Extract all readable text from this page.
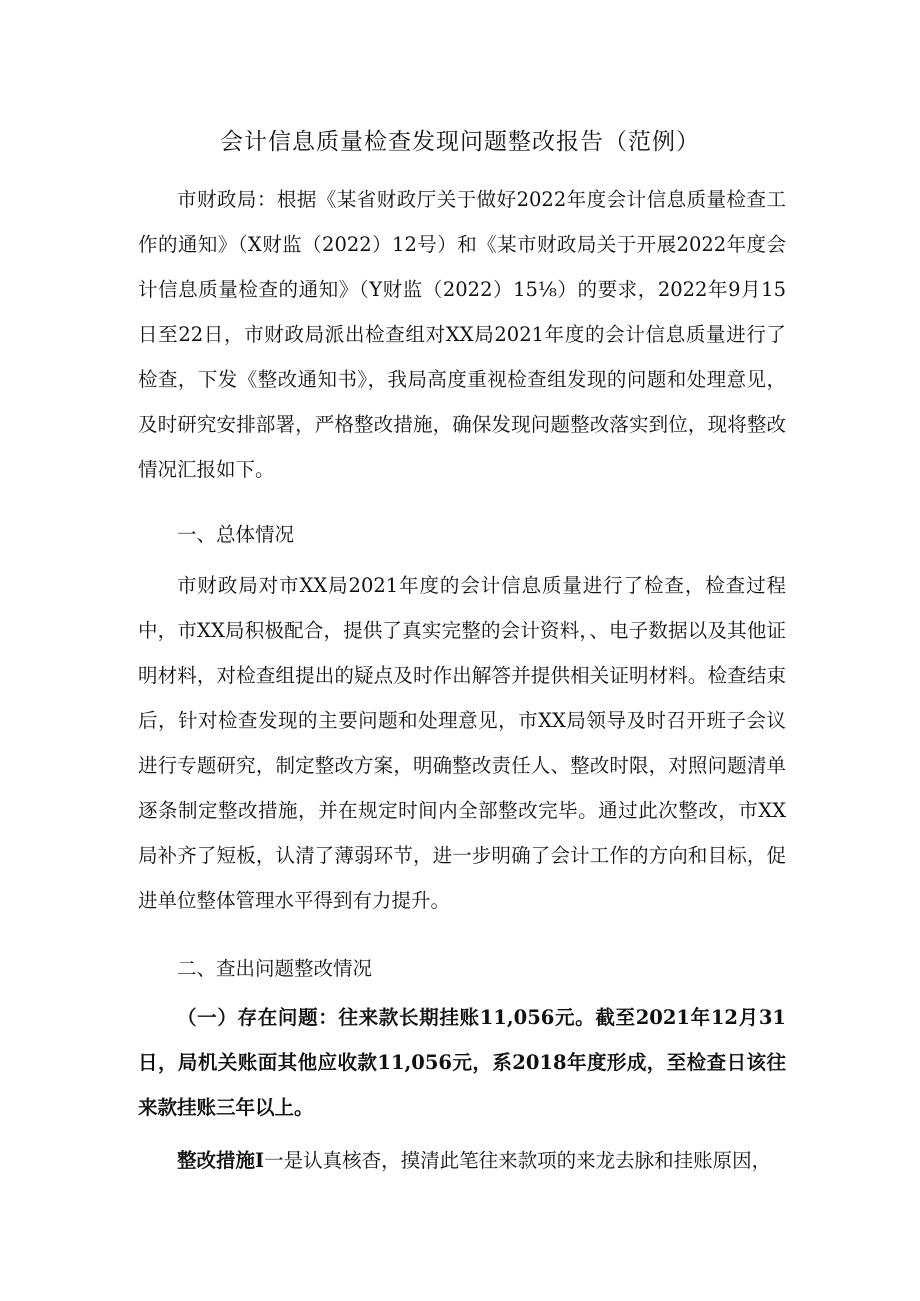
会计信息质量检查发现问题整改报告（范例）

市财政局：根据《某省财政厅关于做好2022年度会计信息质量检查工作的通知》（X财监（2022）12号）和《某市财政局关于开展2022年度会计信息质量检查的通知》（Y财监（2022）15⅛）的要求，2022年9月15日至22日，市财政局派出检查组对XX局2021年度的会计信息质量进行了检查，下发《整改通知书》，我局高度重视检查组发现的问题和处理意见，及时研究安排部署，严格整改措施，确保发现问题整改落实到位，现将整改情况汇报如下。

一、总体情况

市财政局对市XX局2021年度的会计信息质量进行了检查，检查过程中，市XX局积极配合，提供了真实完整的会计资料，、电子数据以及其他证明材料，对检查组提出的疑点及时作出解答并提供相关证明材料。检查结束后，针对检查发现的主要问题和处理意见，市XX局领导及时召开班子会议进行专题研究，制定整改方案，明确整改责任人、整改时限，对照问题清单逐条制定整改措施，并在规定时间内全部整改完毕。通过此次整改，市XX局补齐了短板，认清了薄弱环节，进一步明确了会计工作的方向和目标，促进单位整体管理水平得到有力提升。

二、查出问题整改情况

（一）存在问题：往来款长期挂账11,056元。截至2021年12月31日，局机关账面其他应收款11,056元，系2018年度形成，至检查日该往来款挂账三年以上。

整改措施I一是认真核杳，摸清此笔往来款项的来龙去脉和挂账原因，
